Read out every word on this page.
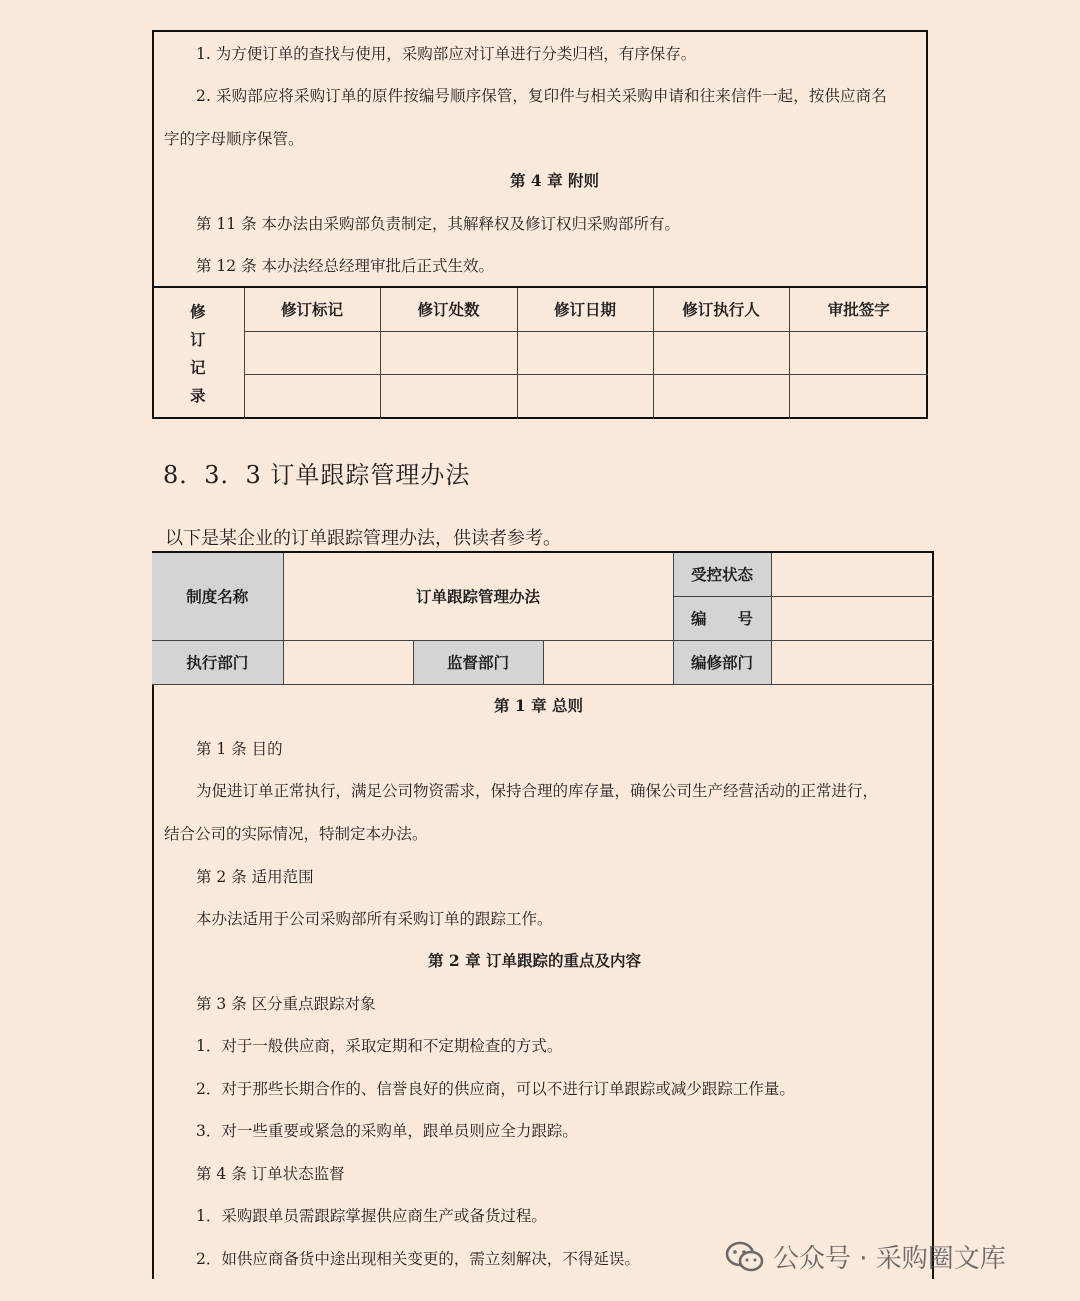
1. 为方便订单的查找与使用，采购部应对订单进行分类归档，有序保存。
2. 采购部应将采购订单的原件按编号顺序保管，复印件与相关采购申请和往来信件一起，按供应商名
字的字母顺序保管。
第 4 章 附则
第 11 条 本办法由采购部负责制定，其解释权及修订权归采购部所有。
第 12 条 本办法经总经理审批后正式生效。
修
订
记
录	修订标记	修订处数	修订日期	修订执行人	审批签字

8．3．3 订单跟踪管理办法
以下是某企业的订单跟踪管理办法，供读者参考。
制度名称	订单跟踪管理办法			受控状态	
				编　　号	
执行部门		监督部门		编修部门	
第 1 章 总则
第 1 条 目的
为促进订单正常执行，满足公司物资需求，保持合理的库存量，确保公司生产经营活动的正常进行，
结合公司的实际情况，特制定本办法。
第 2 条 适用范围
本办法适用于公司采购部所有采购订单的跟踪工作。
第 2 章 订单跟踪的重点及内容
第 3 条 区分重点跟踪对象
1．对于一般供应商，采取定期和不定期检查的方式。
2．对于那些长期合作的、信誉良好的供应商，可以不进行订单跟踪或减少跟踪工作量。
3．对一些重要或紧急的采购单，跟单员则应全力跟踪。
第 4 条 订单状态监督
1．采购跟单员需跟踪掌握供应商生产或备货过程。
2．如供应商备货中途出现相关变更的，需立刻解决，不得延误。	公众号 · 采购圈文库
